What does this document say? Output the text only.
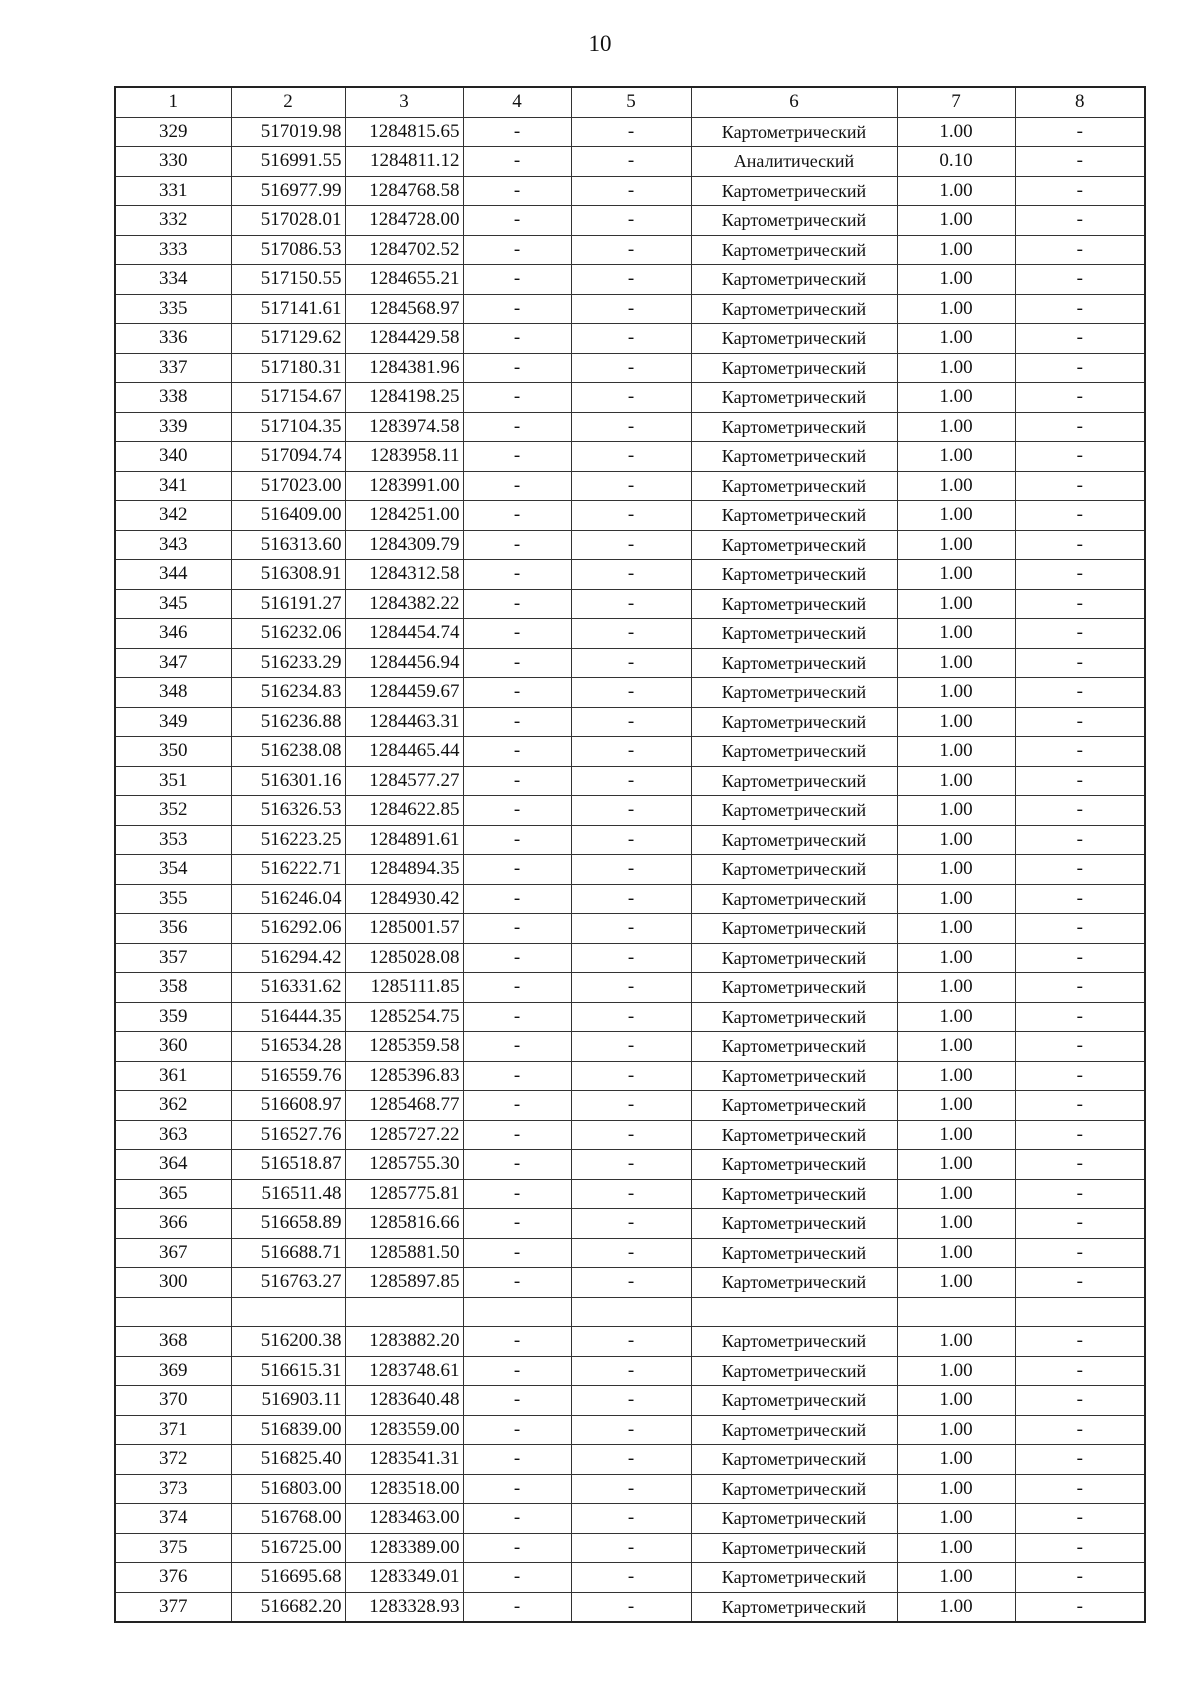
10
1	2	3	4	5	6	7	8
329	517019.98	1284815.65	-	-	Картометрический	1.00	-
330	516991.55	1284811.12	-	-	Аналитический	0.10	-
331	516977.99	1284768.58	-	-	Картометрический	1.00	-
332	517028.01	1284728.00	-	-	Картометрический	1.00	-
333	517086.53	1284702.52	-	-	Картометрический	1.00	-
334	517150.55	1284655.21	-	-	Картометрический	1.00	-
335	517141.61	1284568.97	-	-	Картометрический	1.00	-
336	517129.62	1284429.58	-	-	Картометрический	1.00	-
337	517180.31	1284381.96	-	-	Картометрический	1.00	-
338	517154.67	1284198.25	-	-	Картометрический	1.00	-
339	517104.35	1283974.58	-	-	Картометрический	1.00	-
340	517094.74	1283958.11	-	-	Картометрический	1.00	-
341	517023.00	1283991.00	-	-	Картометрический	1.00	-
342	516409.00	1284251.00	-	-	Картометрический	1.00	-
343	516313.60	1284309.79	-	-	Картометрический	1.00	-
344	516308.91	1284312.58	-	-	Картометрический	1.00	-
345	516191.27	1284382.22	-	-	Картометрический	1.00	-
346	516232.06	1284454.74	-	-	Картометрический	1.00	-
347	516233.29	1284456.94	-	-	Картометрический	1.00	-
348	516234.83	1284459.67	-	-	Картометрический	1.00	-
349	516236.88	1284463.31	-	-	Картометрический	1.00	-
350	516238.08	1284465.44	-	-	Картометрический	1.00	-
351	516301.16	1284577.27	-	-	Картометрический	1.00	-
352	516326.53	1284622.85	-	-	Картометрический	1.00	-
353	516223.25	1284891.61	-	-	Картометрический	1.00	-
354	516222.71	1284894.35	-	-	Картометрический	1.00	-
355	516246.04	1284930.42	-	-	Картометрический	1.00	-
356	516292.06	1285001.57	-	-	Картометрический	1.00	-
357	516294.42	1285028.08	-	-	Картометрический	1.00	-
358	516331.62	1285111.85	-	-	Картометрический	1.00	-
359	516444.35	1285254.75	-	-	Картометрический	1.00	-
360	516534.28	1285359.58	-	-	Картометрический	1.00	-
361	516559.76	1285396.83	-	-	Картометрический	1.00	-
362	516608.97	1285468.77	-	-	Картометрический	1.00	-
363	516527.76	1285727.22	-	-	Картометрический	1.00	-
364	516518.87	1285755.30	-	-	Картометрический	1.00	-
365	516511.48	1285775.81	-	-	Картометрический	1.00	-
366	516658.89	1285816.66	-	-	Картометрический	1.00	-
367	516688.71	1285881.50	-	-	Картометрический	1.00	-
300	516763.27	1285897.85	-	-	Картометрический	1.00	-

368	516200.38	1283882.20	-	-	Картометрический	1.00	-
369	516615.31	1283748.61	-	-	Картометрический	1.00	-
370	516903.11	1283640.48	-	-	Картометрический	1.00	-
371	516839.00	1283559.00	-	-	Картометрический	1.00	-
372	516825.40	1283541.31	-	-	Картометрический	1.00	-
373	516803.00	1283518.00	-	-	Картометрический	1.00	-
374	516768.00	1283463.00	-	-	Картометрический	1.00	-
375	516725.00	1283389.00	-	-	Картометрический	1.00	-
376	516695.68	1283349.01	-	-	Картометрический	1.00	-
377	516682.20	1283328.93	-	-	Картометрический	1.00	-
